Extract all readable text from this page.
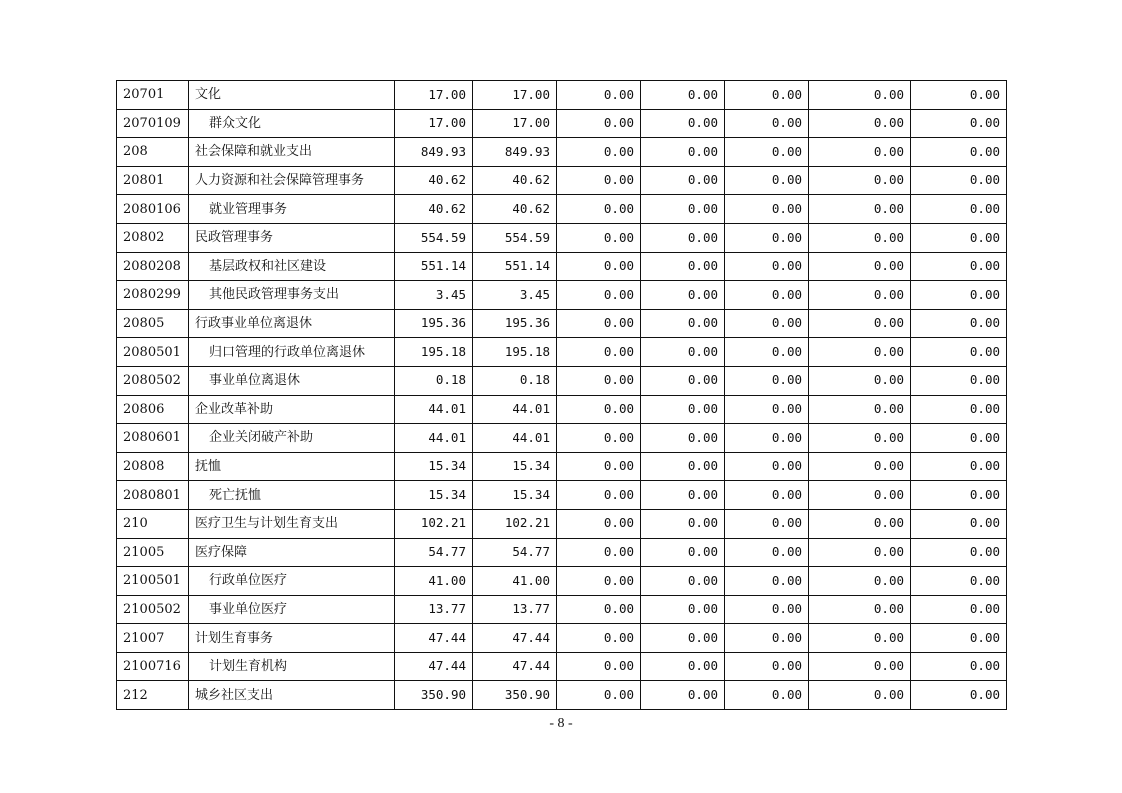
20701	文化	17.00	17.00	0.00	0.00	0.00	0.00	0.00
2070109	群众文化	17.00	17.00	0.00	0.00	0.00	0.00	0.00
208	社会保障和就业支出	849.93	849.93	0.00	0.00	0.00	0.00	0.00
20801	人力资源和社会保障管理事务	40.62	40.62	0.00	0.00	0.00	0.00	0.00
2080106	就业管理事务	40.62	40.62	0.00	0.00	0.00	0.00	0.00
20802	民政管理事务	554.59	554.59	0.00	0.00	0.00	0.00	0.00
2080208	基层政权和社区建设	551.14	551.14	0.00	0.00	0.00	0.00	0.00
2080299	其他民政管理事务支出	3.45	3.45	0.00	0.00	0.00	0.00	0.00
20805	行政事业单位离退休	195.36	195.36	0.00	0.00	0.00	0.00	0.00
2080501	归口管理的行政单位离退休	195.18	195.18	0.00	0.00	0.00	0.00	0.00
2080502	事业单位离退休	0.18	0.18	0.00	0.00	0.00	0.00	0.00
20806	企业改革补助	44.01	44.01	0.00	0.00	0.00	0.00	0.00
2080601	企业关闭破产补助	44.01	44.01	0.00	0.00	0.00	0.00	0.00
20808	抚恤	15.34	15.34	0.00	0.00	0.00	0.00	0.00
2080801	死亡抚恤	15.34	15.34	0.00	0.00	0.00	0.00	0.00
210	医疗卫生与计划生育支出	102.21	102.21	0.00	0.00	0.00	0.00	0.00
21005	医疗保障	54.77	54.77	0.00	0.00	0.00	0.00	0.00
2100501	行政单位医疗	41.00	41.00	0.00	0.00	0.00	0.00	0.00
2100502	事业单位医疗	13.77	13.77	0.00	0.00	0.00	0.00	0.00
21007	计划生育事务	47.44	47.44	0.00	0.00	0.00	0.00	0.00
2100716	计划生育机构	47.44	47.44	0.00	0.00	0.00	0.00	0.00
212	城乡社区支出	350.90	350.90	0.00	0.00	0.00	0.00	0.00
- 8 -
